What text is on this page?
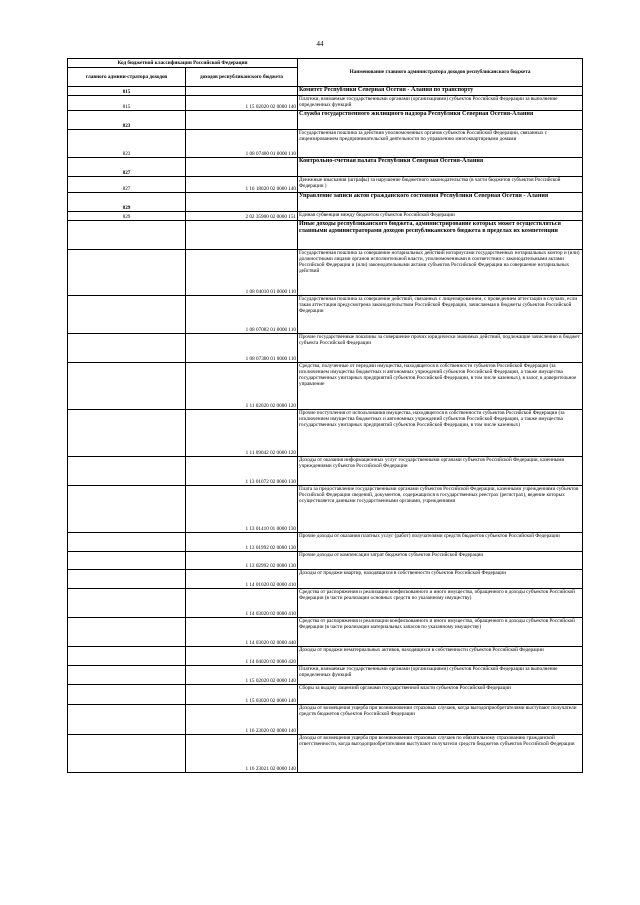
44
Код бюджетной классификации Российской Федерации		Наименование главного администратора доходов республиканского бюджета
главного админи-стратора доходов	доходов республиканского бюджета	
815		Комитет Республики Северная Осетия - Алания по транспорту
815	1 15 02020 02 0000 140	Платежи, взимаемые государственными органами (организациями) субъектов Российской Федерации за выполнение определенных функций
823		Служба государственного жилищного надзора Республики Северная Осетия-Алания
823	1 08 07400 01 0000 110	Государственная пошлина за действия уполномоченных органов субъектов Российской Федерации, связанных с лицензированием предпринимательской деятельности по управлению многоквартирными домами
827		Контрольно-счетная палата Республики Северная Осетия-Алания
827	1 16 18020 02 0000 140	Денежные взыскания (штрафы) за нарушение бюджетного законодательства (в части бюджетов субъектов Российской Федерации )
829		Управление записи актов гражданского состояния Республики Северная Осетия - Алания
829	2 02 35900 02 0000 151	Единая субвенция между бюджетом субъектов Российской Федерации
		Иные доходы республиканского бюджета, администрирование которых может осуществляться главными администраторами доходов республиканского бюджета в пределах их компетенции
	1 08 04010 01 0000 110	Государственная пошлина за совершение нотариальных действий нотариусами государственных нотариальных контор и (или) должностными лицами органов исполнительной власти, уполномоченными в соответствии с законодательными актами Российской Федерации и (или) законодательными актами субъектов Российской Федерации на совершение нотариальных действий
	1 08 07082 01 0000 110	Государственная пошлина за совершение действий, связанных с лицензированием, с проведением аттестации в случаях, если такая аттестация предусмотрена законодательством Российской Федерации, зачисляемая в бюджеты субъектов Российской Федерации
	1 08 07300 01 0000 110	Прочие государственные пошлины за совершение прочих юридически значимых действий, подлежащие зачислению в бюджет субъекта Российской Федерации
	1 11 02020 02 0000 120	Средства, полученные от передачи имущества, находящегося в собственности субъектов Российской Федерации (за исключением имущества бюджетных и автономных учреждений субъектов Российской Федерации, а также имущества государственных унитарных предприятий субъектов Российской Федерации, в том числе казенных), в залог, в доверительное управление
	1 11 09042 02 0000 120	Прочие поступления от использования имущества, находящегося в собственности субъектов Российской Федерации (за исключением имущества бюджетных и автономных учреждений субъектов Российской Федерации, а также имущества государственных унитарных предприятий субъектов Российской Федерации, в том числе казенных)
	1 13 01072 02 0000 130	Доходы от оказания информационных услуг государственными органами субъектов Российской Федерации, казенными учреждениями субъектов Российской Федерации
	1 13 01410 01 0000 130	Плата за предоставление государственными органами субъектов Российской Федерации, казенными учреждениями субъектов Российской Федерации сведений, документов, содержащихся в государственных реестрах (регистрах), ведение которых осуществляется данными государственными органами, учреждениями
	1 13 01992 02 0000 130	Прочие доходы от оказания платных услуг (работ) получателями средств бюджетов субъектов Российской Федерации
	1 13 02992 02 0000 130	Прочие доходы от компенсации затрат бюджетов субъектов Российской Федерации
	1 14 01020 02 0000 410	Доходы от продажи квартир, находящихся в собственности субъектов Российской Федерации
	1 14 03020 02 0000 410	Средства от распоряжения и реализации конфискованного и иного имущества, обращенного в доходы субъектов Российской Федерации (в части реализации основных средств по указанному имуществу)
	1 14 03020 02 0000 440	Средства от распоряжения и реализации конфискованного и иного имущества, обращенного в доходы субъектов Российской Федерации (в части реализации материальных запасов по указанному имуществу)
	1 14 04020 02 0000 420	Доходы от продажи нематериальных активов, находящихся в собственности субъектов Российской Федерации
	1 15 02020 02 0000 140	Платежи, взимаемые государственными органами (организациями) субъектов Российской Федерации за выполнение определенных функций
	1 15 03020 02 0000 140	Сборы за выдачу лицензий органами государственной власти субъектов Российской Федерации
	1 16 23020 02 0000 140	Доходы от возмещения ущерба при возникновении страховых случаев, когда выгодоприобретателями выступают получатели средств бюджетов субъектов Российской Федерации
	1 16 23021 02 0000 140	Доходы от возмещения ущерба при возникновении страховых случаев по обязательному страхованию гражданской ответственности, когда выгодоприобретателями выступают получатели средств бюджетов субъектов Российской Федерации
